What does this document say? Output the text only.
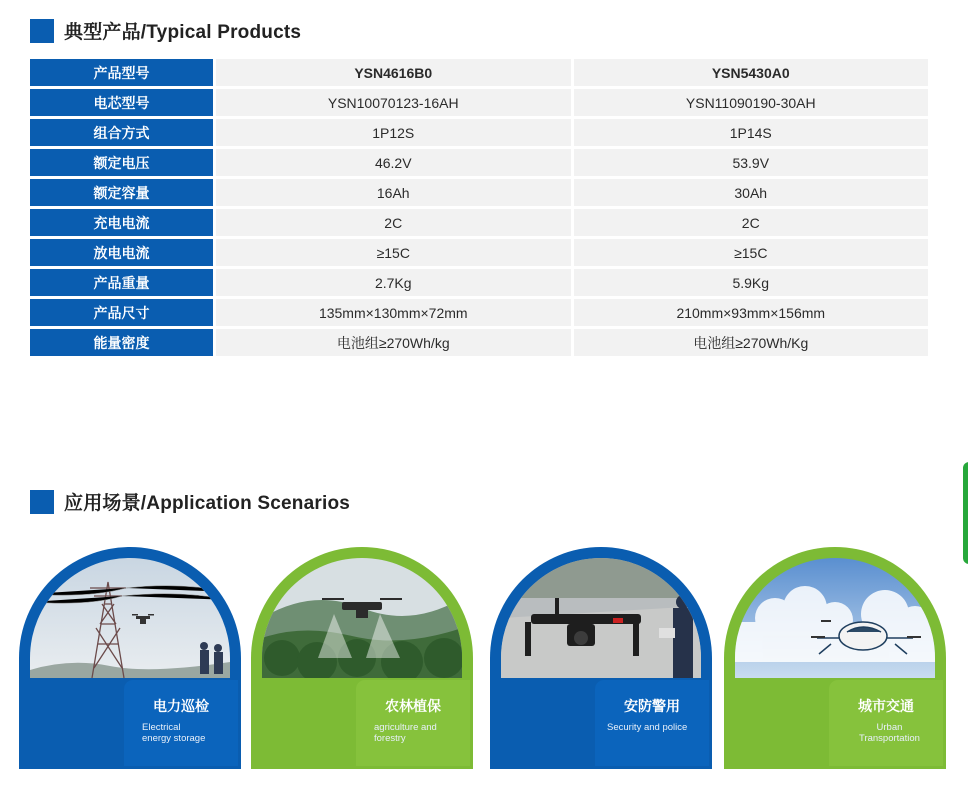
典型产品/Typical Products
产品型号		YSN4616B0		YSN5430A0
电芯型号		YSN10070123-16AH		YSN11090190-30AH
组合方式		1P12S		1P14S
额定电压		46.2V		53.9V
额定容量		16Ah		30Ah
充电电流		2C		2C
放电电流		≥15C		≥15C
产品重量		2.7Kg		5.9Kg
产品尺寸		135mm×130mm×72mm		210mm×93mm×156mm
能量密度		电池组≥270Wh/kg		电池组≥270Wh/Kg
应用场景/Application Scenarios
电力巡检
Electrical
energy storage
农林植保
agriculture and
forestry
安防警用
Security and police
城市交通
Urban
Transportation
